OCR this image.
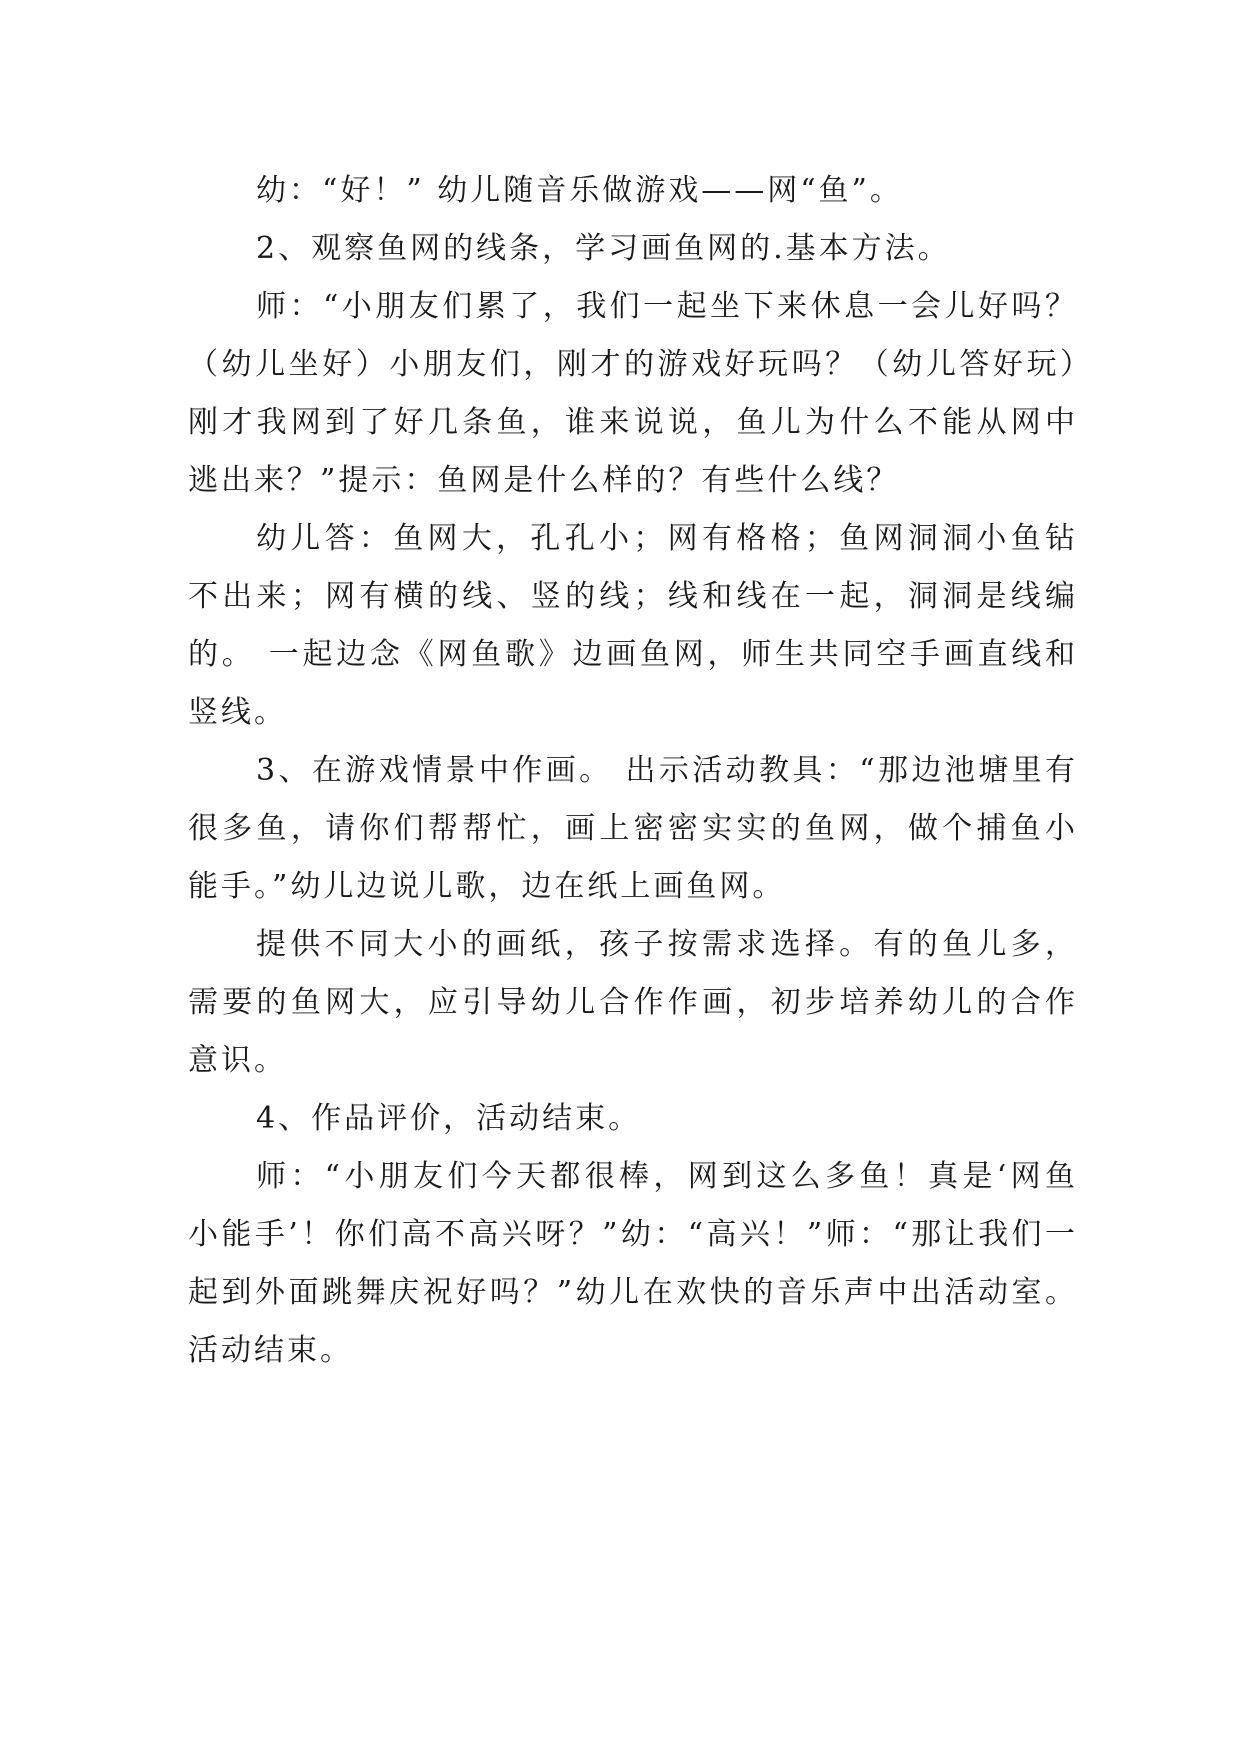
幼：“好！” 幼儿随音乐做游戏——网“鱼”。

2、观察鱼网的线条，学习画鱼网的.基本方法。

师：“小朋友们累了，我们一起坐下来休息一会儿好吗？（幼儿坐好）小朋友们，刚才的游戏好玩吗？（幼儿答好玩）刚才我网到了好几条鱼，谁来说说，鱼儿为什么不能从网中逃出来？”提示：鱼网是什么样的？有些什么线？

幼儿答：鱼网大，孔孔小；网有格格；鱼网洞洞小鱼钻不出来；网有横的线、竖的线；线和线在一起，洞洞是线编的。 一起边念《网鱼歌》边画鱼网，师生共同空手画直线和竖线。

3、在游戏情景中作画。 出示活动教具：“那边池塘里有很多鱼，请你们帮帮忙，画上密密实实的鱼网，做个捕鱼小能手。”幼儿边说儿歌，边在纸上画鱼网。

提供不同大小的画纸，孩子按需求选择。有的鱼儿多，需要的鱼网大，应引导幼儿合作作画，初步培养幼儿的合作意识。

4、作品评价，活动结束。

师：“小朋友们今天都很棒，网到这么多鱼！真是‘网鱼小能手’！你们高不高兴呀？”幼：“高兴！”师：“那让我们一起到外面跳舞庆祝好吗？”幼儿在欢快的音乐声中出活动室。活动结束。
